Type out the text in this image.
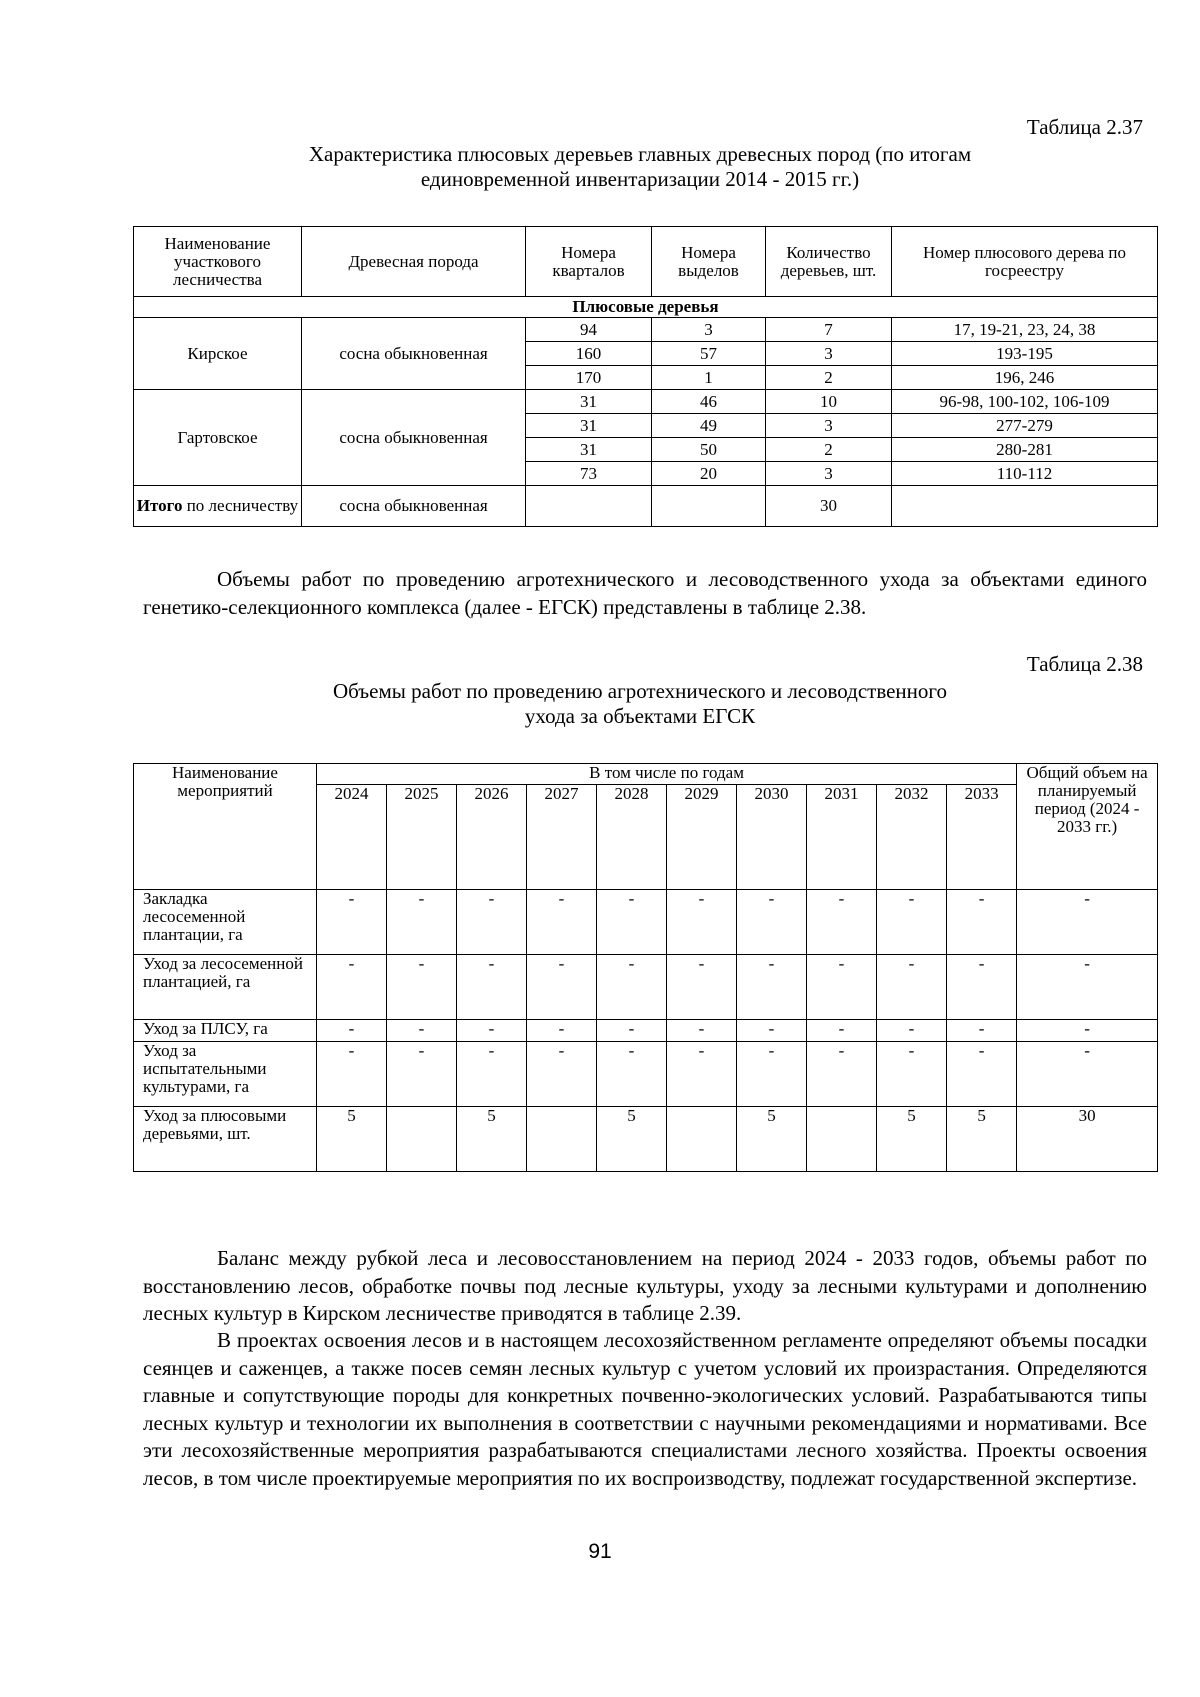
Таблица 2.37
Характеристика плюсовых деревьев главных древесных пород (по итогам
единовременной инвентаризации 2014 - 2015 гг.)
Наименование участкового лесничества	Древесная порода	Номера кварталов	Номера выделов	Количество деревьев, шт.	Номер плюсового дерева по госреестру
Плюсовые деревья					
Кирское	сосна обыкновенная	94	3	7	17, 19-21, 23, 24, 38
		160	57	3	193-195
		170	1	2	196, 246
Гартовское	сосна обыкновенная	31	46	10	96-98, 100-102, 106-109
		31	49	3	277-279
		31	50	2	280-281
		73	20	3	110-112
Итого по лесничеству	сосна обыкновенная			30	
Объемы работ по проведению агротехнического и лесоводственного ухода за объектами единого генетико-селекционного комплекса (далее - ЕГСК) представлены в таблице 2.38.
Таблица 2.38
Объемы работ по проведению агротехнического и лесоводственного
ухода за объектами ЕГСК
Наименование мероприятий	В том числе по годам										Общий объем на планируемый период (2024 - 2033 гг.)
	2024	2025	2026	2027	2028	2029	2030	2031	2032	2033	
Закладка лесосеменной плантации, га	-	-	-	-	-	-	-	-	-	-	-
Уход за лесосеменной плантацией, га	-	-	-	-	-	-	-	-	-	-	-
Уход за ПЛСУ, га	-	-	-	-	-	-	-	-	-	-	-
Уход за испытательными культурами, га	-	-	-	-	-	-	-	-	-	-	-
Уход за плюсовыми деревьями, шт.	5		5		5		5		5	5	30
Баланс между рубкой леса и лесовосстановлением на период 2024 - 2033 годов, объемы работ по восстановлению лесов, обработке почвы под лесные культуры, уходу за лесными культурами и дополнению лесных культур в Кирском лесничестве приводятся в таблице 2.39.
В проектах освоения лесов и в настоящем лесохозяйственном регламенте определяют объемы посадки сеянцев и саженцев, а также посев семян лесных культур с учетом условий их произрастания. Определяются главные и сопутствующие породы для конкретных почвенно-экологических условий. Разрабатываются типы лесных культур и технологии их выполнения в соответствии с научными рекомендациями и нормативами. Все эти лесохозяйственные мероприятия разрабатываются специалистами лесного хозяйства. Проекты освоения лесов, в том числе проектируемые мероприятия по их воспроизводству, подлежат государственной экспертизе.
91
